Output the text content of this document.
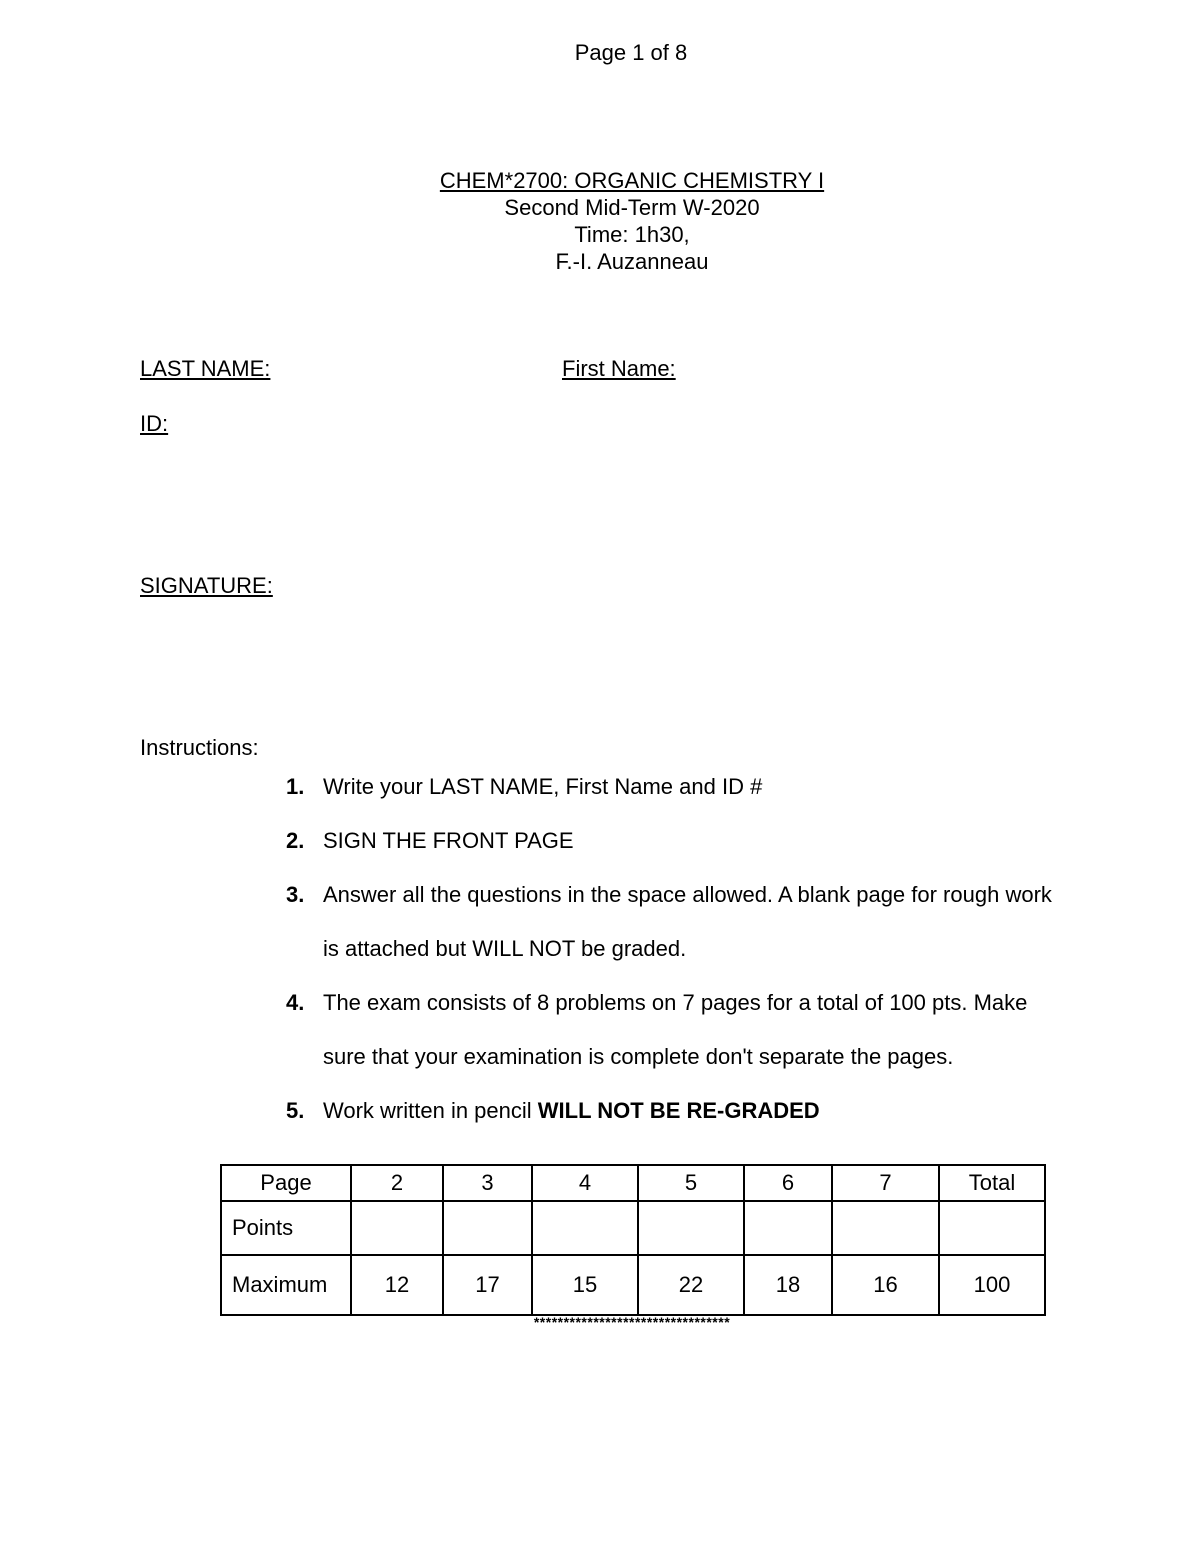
Page 1 of 8
CHEM*2700: ORGANIC CHEMISTRY I
Second Mid-Term W-2020
Time: 1h30,
F.-I. Auzanneau
LAST NAME:	First Name:
ID:
SIGNATURE:
Instructions:
1. Write your LAST NAME, First Name and ID #
2. SIGN THE FRONT PAGE
3. Answer all the questions in the space allowed. A blank page for rough work
is attached but WILL NOT be graded.
4. The exam consists of 8 problems on 7 pages for a total of 100 pts. Make
sure that your examination is complete don't separate the pages.
5. Work written in pencil WILL NOT BE RE-GRADED
Page	2	3	4	5	6	7	Total
Points							
Maximum	12	17	15	22	18	16	100
*********************************
